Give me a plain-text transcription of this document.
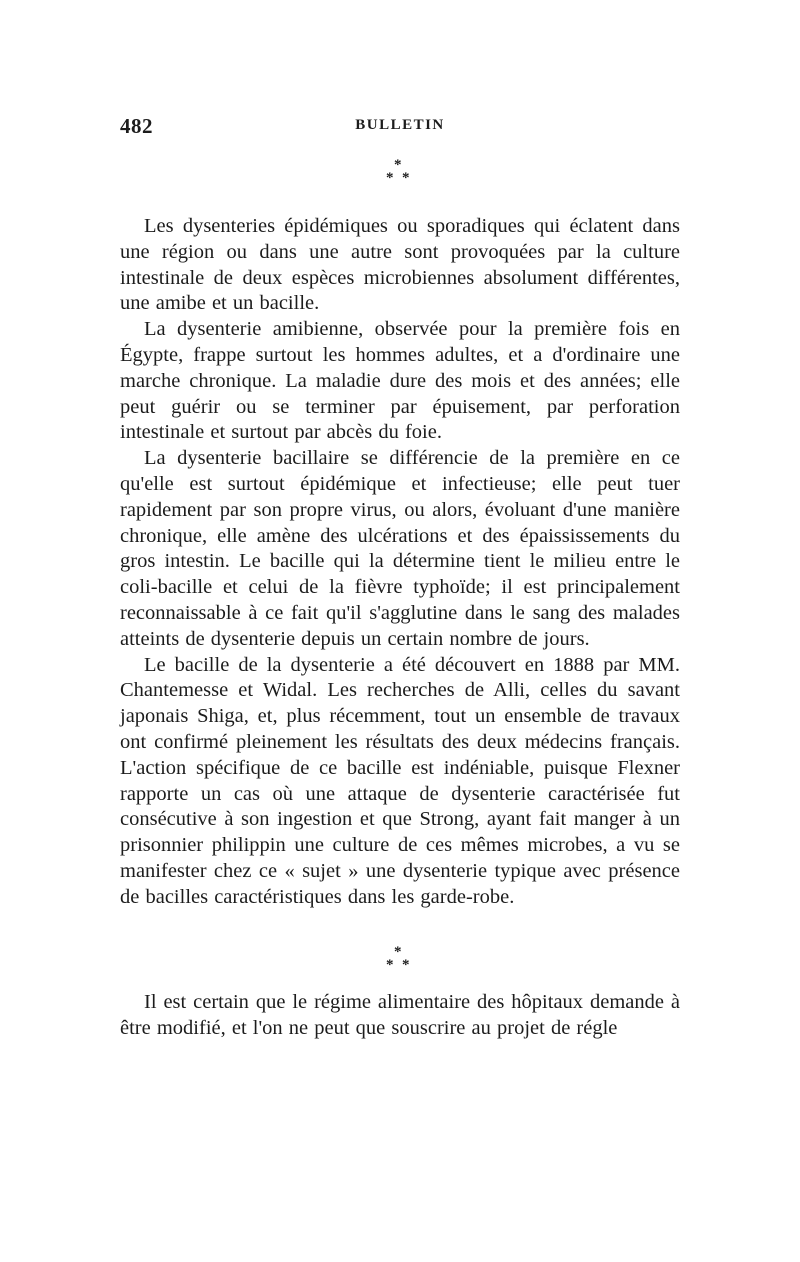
482	BULLETIN
*
* *

Les dysenteries épidémiques ou sporadiques qui éclatent dans une région ou dans une autre sont provoquées par la culture intestinale de deux espèces microbiennes absolument différentes, une amibe et un bacille.

La dysenterie amibienne, observée pour la première fois en Égypte, frappe surtout les hommes adultes, et a d'ordinaire une marche chronique. La maladie dure des mois et des années; elle peut guérir ou se terminer par épuisement, par perforation intestinale et surtout par abcès du foie.

La dysenterie bacillaire se différencie de la première en ce qu'elle est surtout épidémique et infectieuse; elle peut tuer rapidement par son propre virus, ou alors, évoluant d'une manière chronique, elle amène des ulcérations et des épaississements du gros intestin. Le bacille qui la détermine tient le milieu entre le coli-bacille et celui de la fièvre typhoïde; il est principalement reconnaissable à ce fait qu'il s'agglutine dans le sang des malades atteints de dysenterie depuis un certain nombre de jours.

Le bacille de la dysenterie a été découvert en 1888 par MM. Chantemesse et Widal. Les recherches de Alli, celles du savant japonais Shiga, et, plus récemment, tout un ensemble de travaux ont confirmé pleinement les résultats des deux médecins français. L'action spécifique de ce bacille est indéniable, puisque Flexner rapporte un cas où une attaque de dysenterie caractérisée fut consécutive à son ingestion et que Strong, ayant fait manger à un prisonnier philippin une culture de ces mêmes microbes, a vu se manifester chez ce « sujet » une dysenterie typique avec présence de bacilles caractéristiques dans les garde-robe.

*
* *

Il est certain que le régime alimentaire des hôpitaux demande à être modifié, et l'on ne peut que souscrire au projet de régle
